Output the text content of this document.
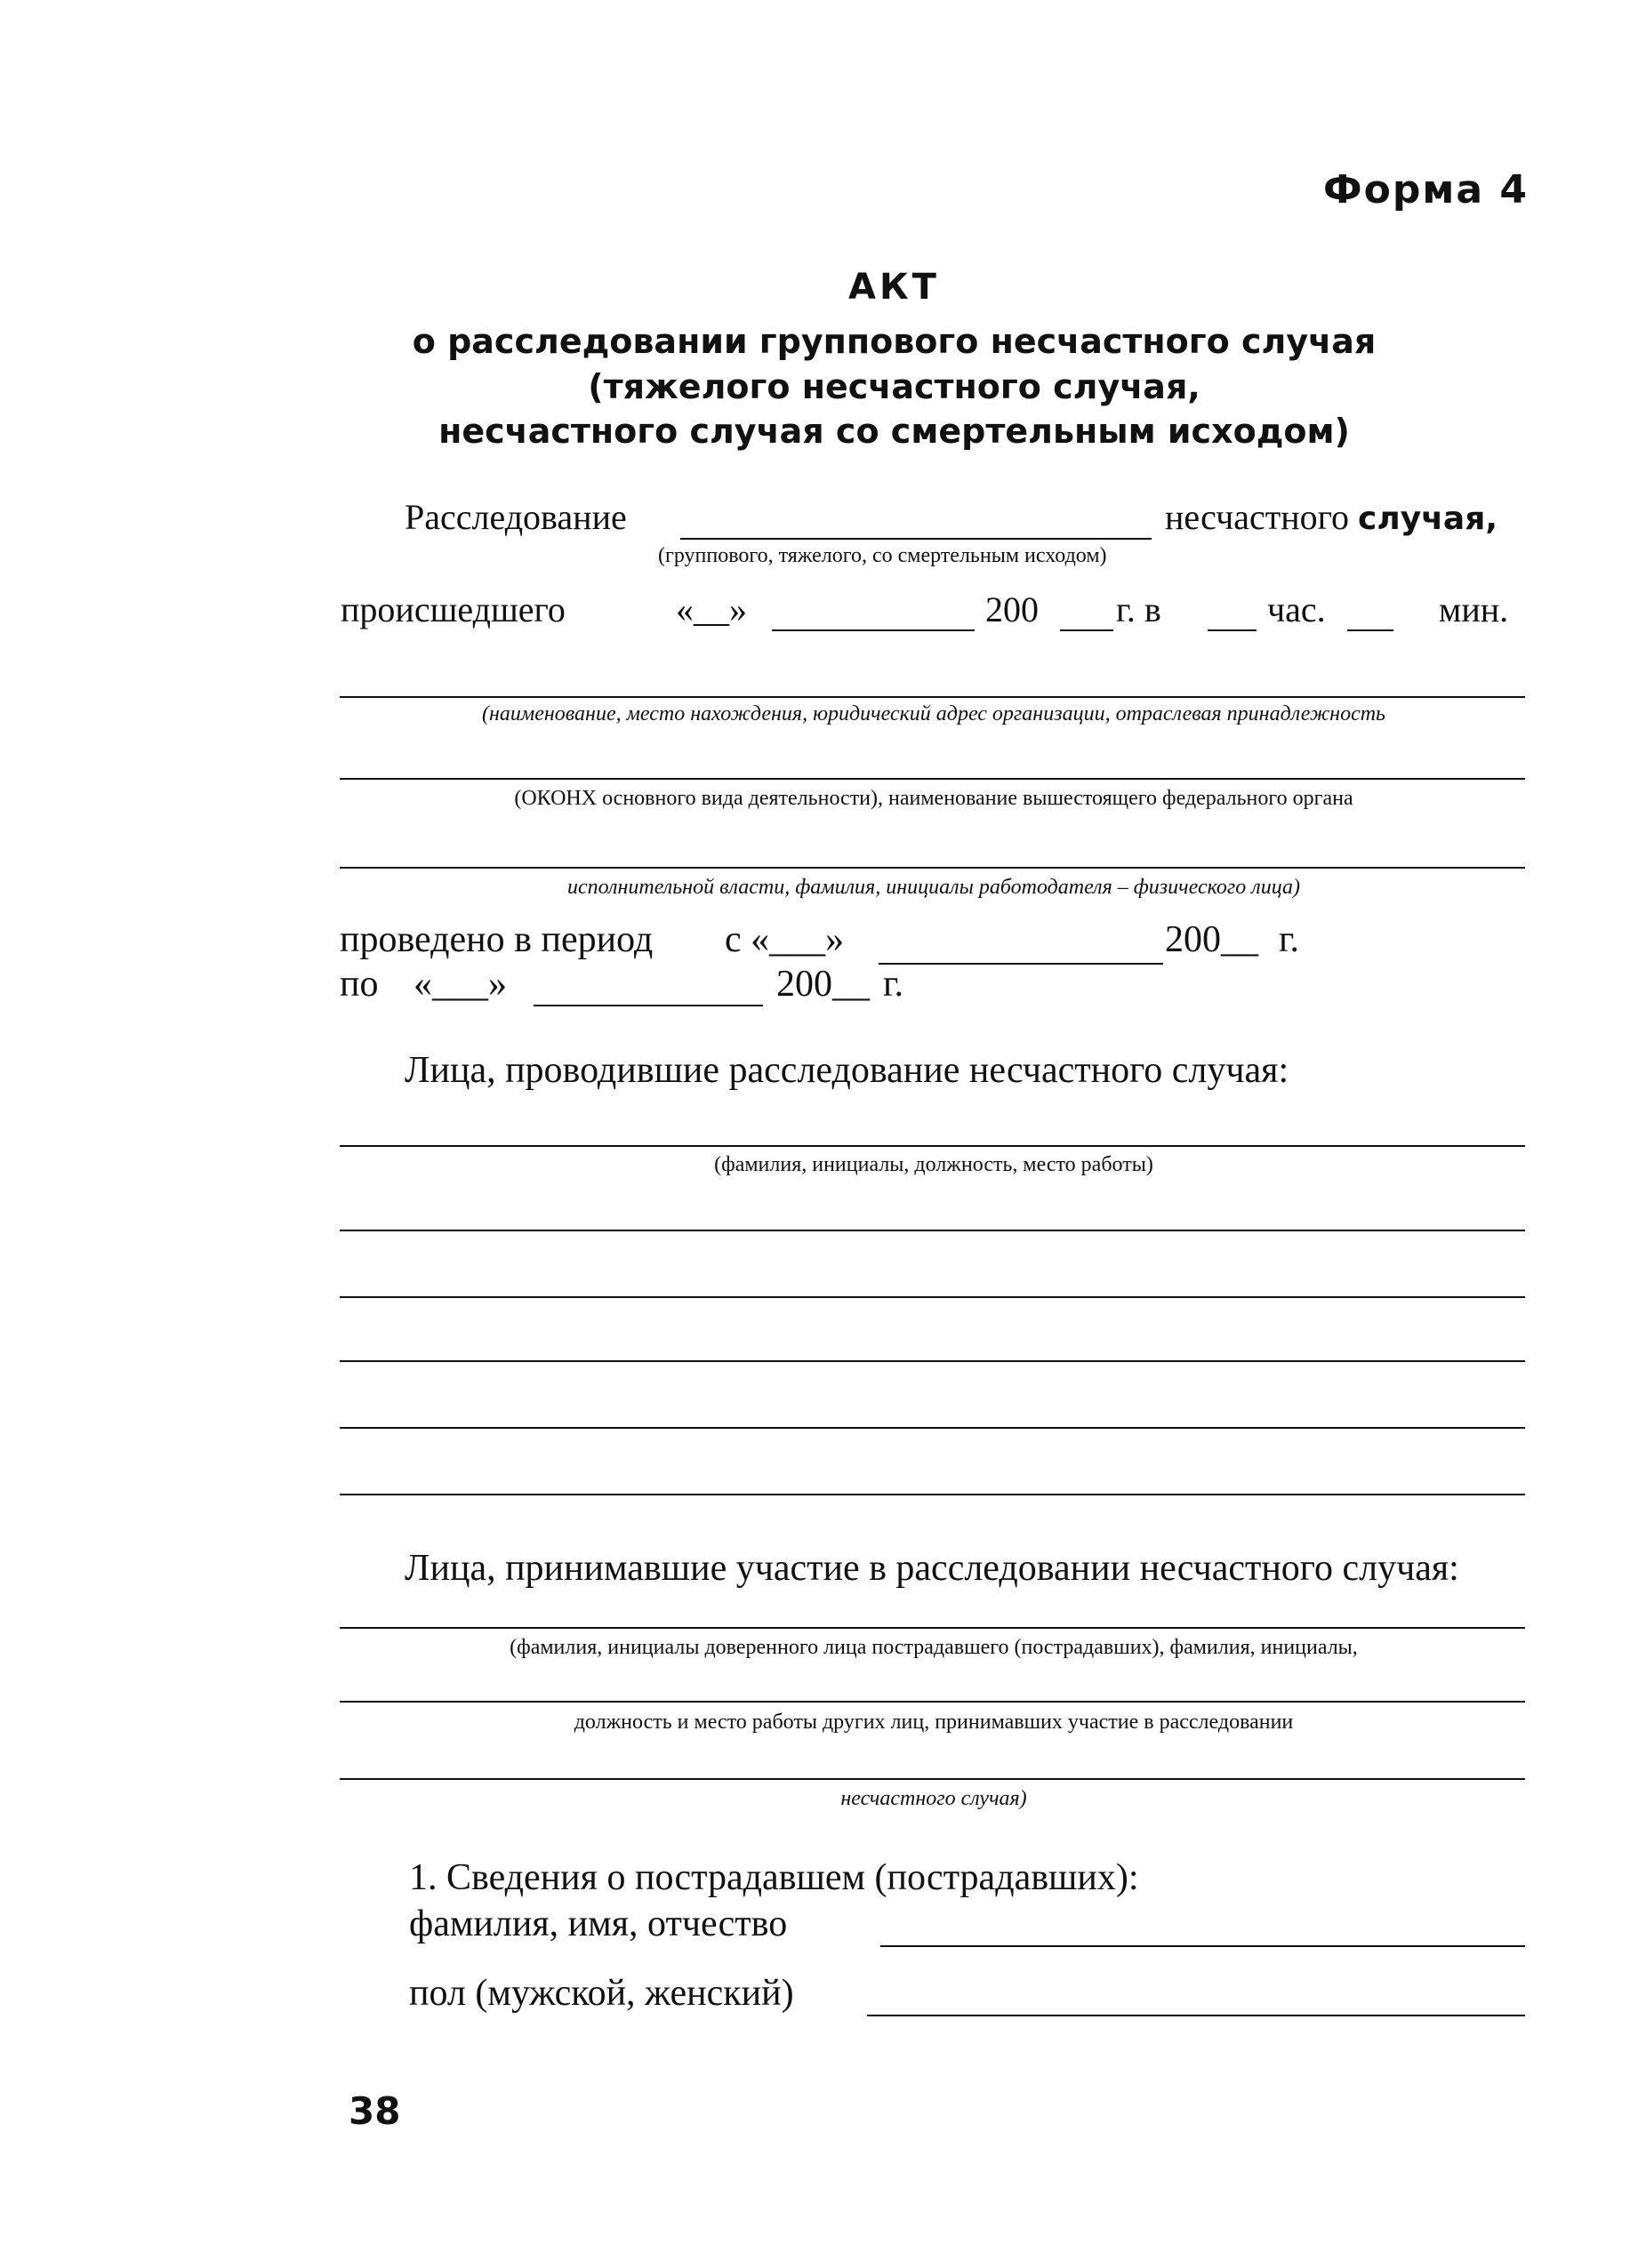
Форма 4
АКТ
о расследовании группового несчастного случая
(тяжелого несчастного случая,
несчастного случая со смертельным исходом)
Расследование	несчастного случая,
(группового, тяжелого, со смертельным исходом)
происшедшего	«__»	200 г. в	час.	мин.
(наименование, место нахождения, юридический адрес организации, отраслевая принадлежность
(ОКОНХ основного вида деятельности), наименование вышестоящего федерального органа
исполнительной власти, фамилия, инициалы работодателя – физического лица)
проведено в период с «___»	200__ г.
по «___»	200__ г.
Лица, проводившие расследование несчастного случая:
(фамилия, инициалы, должность, место работы)
Лица, принимавшие участие в расследовании несчастного случая:
(фамилия, инициалы доверенного лица пострадавшего (пострадавших), фамилия, инициалы,
должность и место работы других лиц, принимавших участие в расследовании
несчастного случая)
1. Сведения о пострадавшем (пострадавших):
фамилия, имя, отчество
пол (мужской, женский)
38
